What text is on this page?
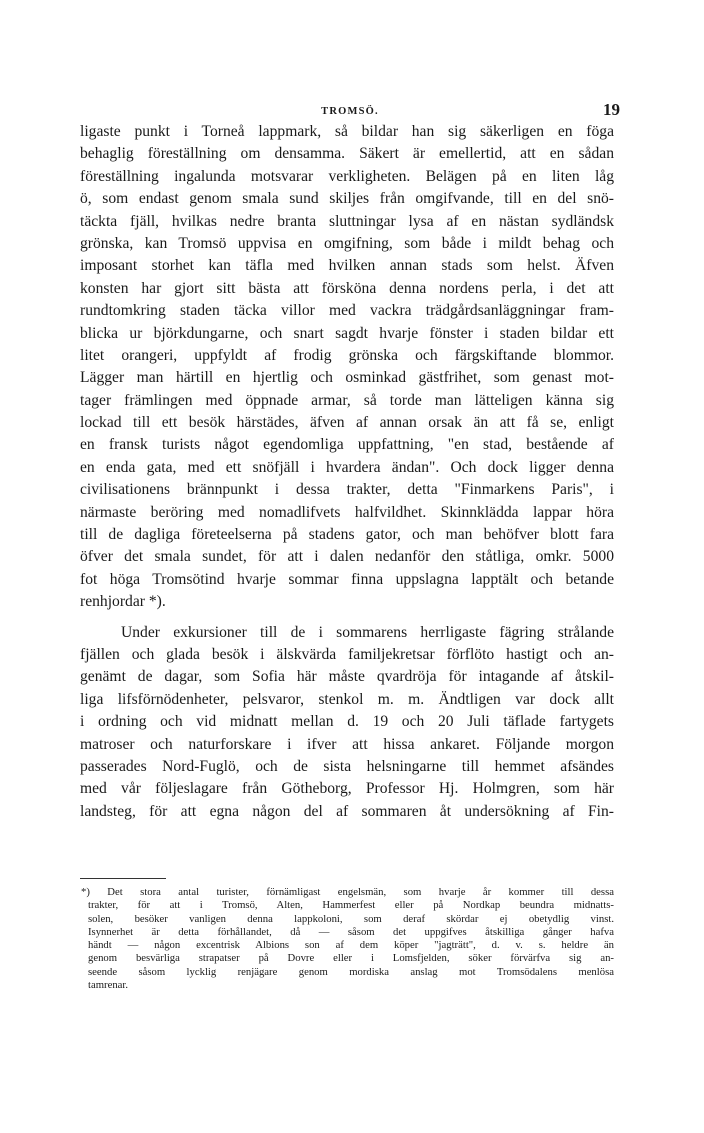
TROMSÖ.	19
ligaste punkt i Torneå lappmark, så bildar han sig säkerligen en föga
behaglig föreställning om densamma. Säkert är emellertid, att en sådan
föreställning ingalunda motsvarar verkligheten. Belägen på en liten låg
ö, som endast genom smala sund skiljes från omgifvande, till en del snö-
täckta fjäll, hvilkas nedre branta sluttningar lysa af en nästan sydländsk
grönska, kan Tromsö uppvisa en omgifning, som både i mildt behag och
imposant storhet kan täfla med hvilken annan stads som helst. Äfven
konsten har gjort sitt bästa att försköna denna nordens perla, i det att
rundtomkring staden täcka villor med vackra trädgårdsanläggningar fram-
blicka ur björkdungarne, och snart sagdt hvarje fönster i staden bildar ett
litet orangeri, uppfyldt af frodig grönska och färgskiftande blommor.
Lägger man härtill en hjertlig och osminkad gästfrihet, som genast mot-
tager främlingen med öppnade armar, så torde man lätteligen känna sig
lockad till ett besök härstädes, äfven af annan orsak än att få se, enligt
en fransk turists något egendomliga uppfattning, "en stad, bestående af
en enda gata, med ett snöfjäll i hvardera ändan". Och dock ligger denna
civilisationens brännpunkt i dessa trakter, detta "Finmarkens Paris", i
närmaste beröring med nomadlifvets halfvildhet. Skinnklädda lappar höra
till de dagliga företeelserna på stadens gator, och man behöfver blott fara
öfver det smala sundet, för att i dalen nedanför den ståtliga, omkr. 5000
fot höga Tromsötind hvarje sommar finna uppslagna lapptält och betande
renhjordar *).
Under exkursioner till de i sommarens herrligaste fägring strålande
fjällen och glada besök i älskvärda familjekretsar förflöto hastigt och an-
genämt de dagar, som Sofia här måste qvardröja för intagande af åtskil-
liga lifsförnödenheter, pelsvaror, stenkol m. m. Ändtligen var dock allt
i ordning och vid midnatt mellan d. 19 och 20 Juli täflade fartygets
matroser och naturforskare i ifver att hissa ankaret. Följande morgon
passerades Nord-Fuglö, och de sista helsningarne till hemmet afsändes
med vår följeslagare från Götheborg, Professor Hj. Holmgren, som här
landsteg, för att egna någon del af sommaren åt undersökning af Fin-
*) Det stora antal turister, förnämligast engelsmän, som hvarje år kommer till dessa
trakter, för att i Tromsö, Alten, Hammerfest eller på Nordkap beundra midnatts-
solen, besöker vanligen denna lappkoloni, som deraf skördar ej obetydlig vinst.
Isynnerhet är detta förhållandet, då — såsom det uppgifves åtskilliga gånger hafva
händt — någon excentrisk Albions son af dem köper "jagträtt", d. v. s. heldre än
genom besvärliga strapatser på Dovre eller i Lomsfjelden, söker förvärfva sig an-
seende såsom lycklig renjägare genom mordiska anslag mot Tromsödalens menlösa
tamrenar.
